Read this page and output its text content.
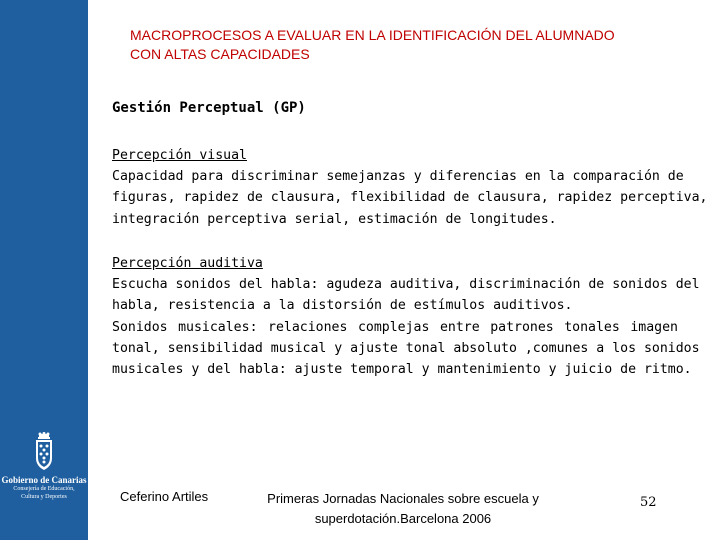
Gobierno de Canarias
Consejería de Educación,
Cultura y Deportes
MACROPROCESOS A EVALUAR EN LA IDENTIFICACIÓN DEL ALUMNADO
CON ALTAS CAPACIDADES
Gestión Perceptual (GP)
Percepción visual
Capacidad para discriminar semejanzas y diferencias en la comparación de
figuras, rapidez de clausura, flexibilidad de clausura, rapidez perceptiva,
integración perceptiva serial, estimación de longitudes.
Percepción auditiva
Escucha sonidos del habla: agudeza auditiva, discriminación de sonidos del
habla, resistencia a la distorsión de estímulos auditivos.
Sonidos musicales: relaciones complejas entre patrones tonales imagen
tonal, sensibilidad musical y ajuste tonal absoluto ,comunes a los sonidos
musicales y del habla: ajuste temporal y mantenimiento y juicio de ritmo.
Ceferino Artiles	Primeras Jornadas Nacionales sobre escuela y
superdotación.Barcelona 2006
52
